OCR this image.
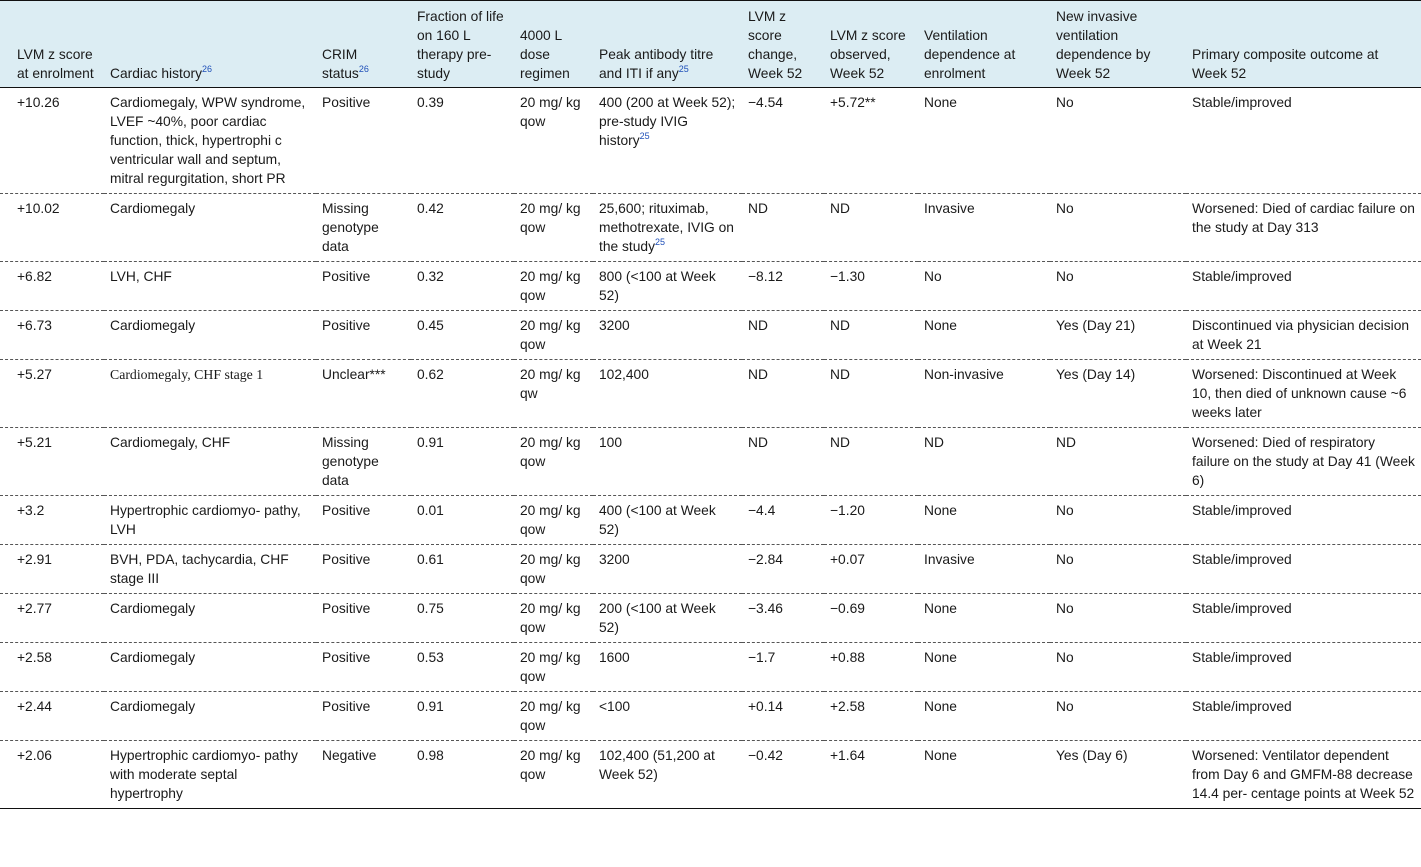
LVM z score at enrolment	Cardiac history$^{26}$	CRIM status$^{26}$	Fraction of life on 160 L therapy pre-study	4000 L dose regimen	Peak antibody titre and ITI if any$^{25}$	LVM z score change, Week 52	LVM z score observed, Week 52	Ventilation dependence at enrolment	New invasive ventilation dependence by Week 52	Primary composite outcome at Week 52
+10.26	Cardiomegaly, WPW syndrome, LVEF ~40%, poor cardiac function, thick, hypertrophi c ventricular wall and septum, mitral regurgitation, short PR	Positive	0.39	20 mg/ kg qow	400 (200 at Week 52); pre-study IVIG history$^{25}$	−4.54	+5.72**	None	No	Stable/improved
+10.02	Cardiomegaly	Missing genotype data	0.42	20 mg/ kg qow	25,600; rituximab, methotrexate, IVIG on the study$^{25}$	ND	ND	Invasive	No	Worsened: Died of cardiac failure on the study at Day 313
+6.82	LVH, CHF	Positive	0.32	20 mg/ kg qow	800 (<100 at Week 52)	−8.12	−1.30	No	No	Stable/improved
+6.73	Cardiomegaly	Positive	0.45	20 mg/ kg qow	3200	ND	ND	None	Yes (Day 21)	Discontinued via physician decision at Week 21
+5.27	Cardiomegaly, CHF stage 1	Unclear***	0.62	20 mg/ kg qw	102,400	ND	ND	Non-invasive	Yes (Day 14)	Worsened: Discontinued at Week 10, then died of unknown cause ~6 weeks later
+5.21	Cardiomegaly, CHF	Missing genotype data	0.91	20 mg/ kg qow	100	ND	ND	ND	ND	Worsened: Died of respiratory failure on the study at Day 41 (Week 6)
+3.2	Hypertrophic cardiomyo- pathy, LVH	Positive	0.01	20 mg/ kg qow	400 (<100 at Week 52)	−4.4	−1.20	None	No	Stable/improved
+2.91	BVH, PDA, tachycardia, CHF stage III	Positive	0.61	20 mg/ kg qow	3200	−2.84	+0.07	Invasive	No	Stable/improved
+2.77	Cardiomegaly	Positive	0.75	20 mg/ kg qow	200 (<100 at Week 52)	−3.46	−0.69	None	No	Stable/improved
+2.58	Cardiomegaly	Positive	0.53	20 mg/ kg qow	1600	−1.7	+0.88	None	No	Stable/improved
+2.44	Cardiomegaly	Positive	0.91	20 mg/ kg qow	<100	+0.14	+2.58	None	No	Stable/improved
+2.06	Hypertrophic cardiomyo- pathy with moderate septal hypertrophy	Negative	0.98	20 mg/ kg qow	102,400 (51,200 at Week 52)	−0.42	+1.64	None	Yes (Day 6)	Worsened: Ventilator dependent from Day 6 and GMFM-88 decrease 14.4 per- centage points at Week 52
